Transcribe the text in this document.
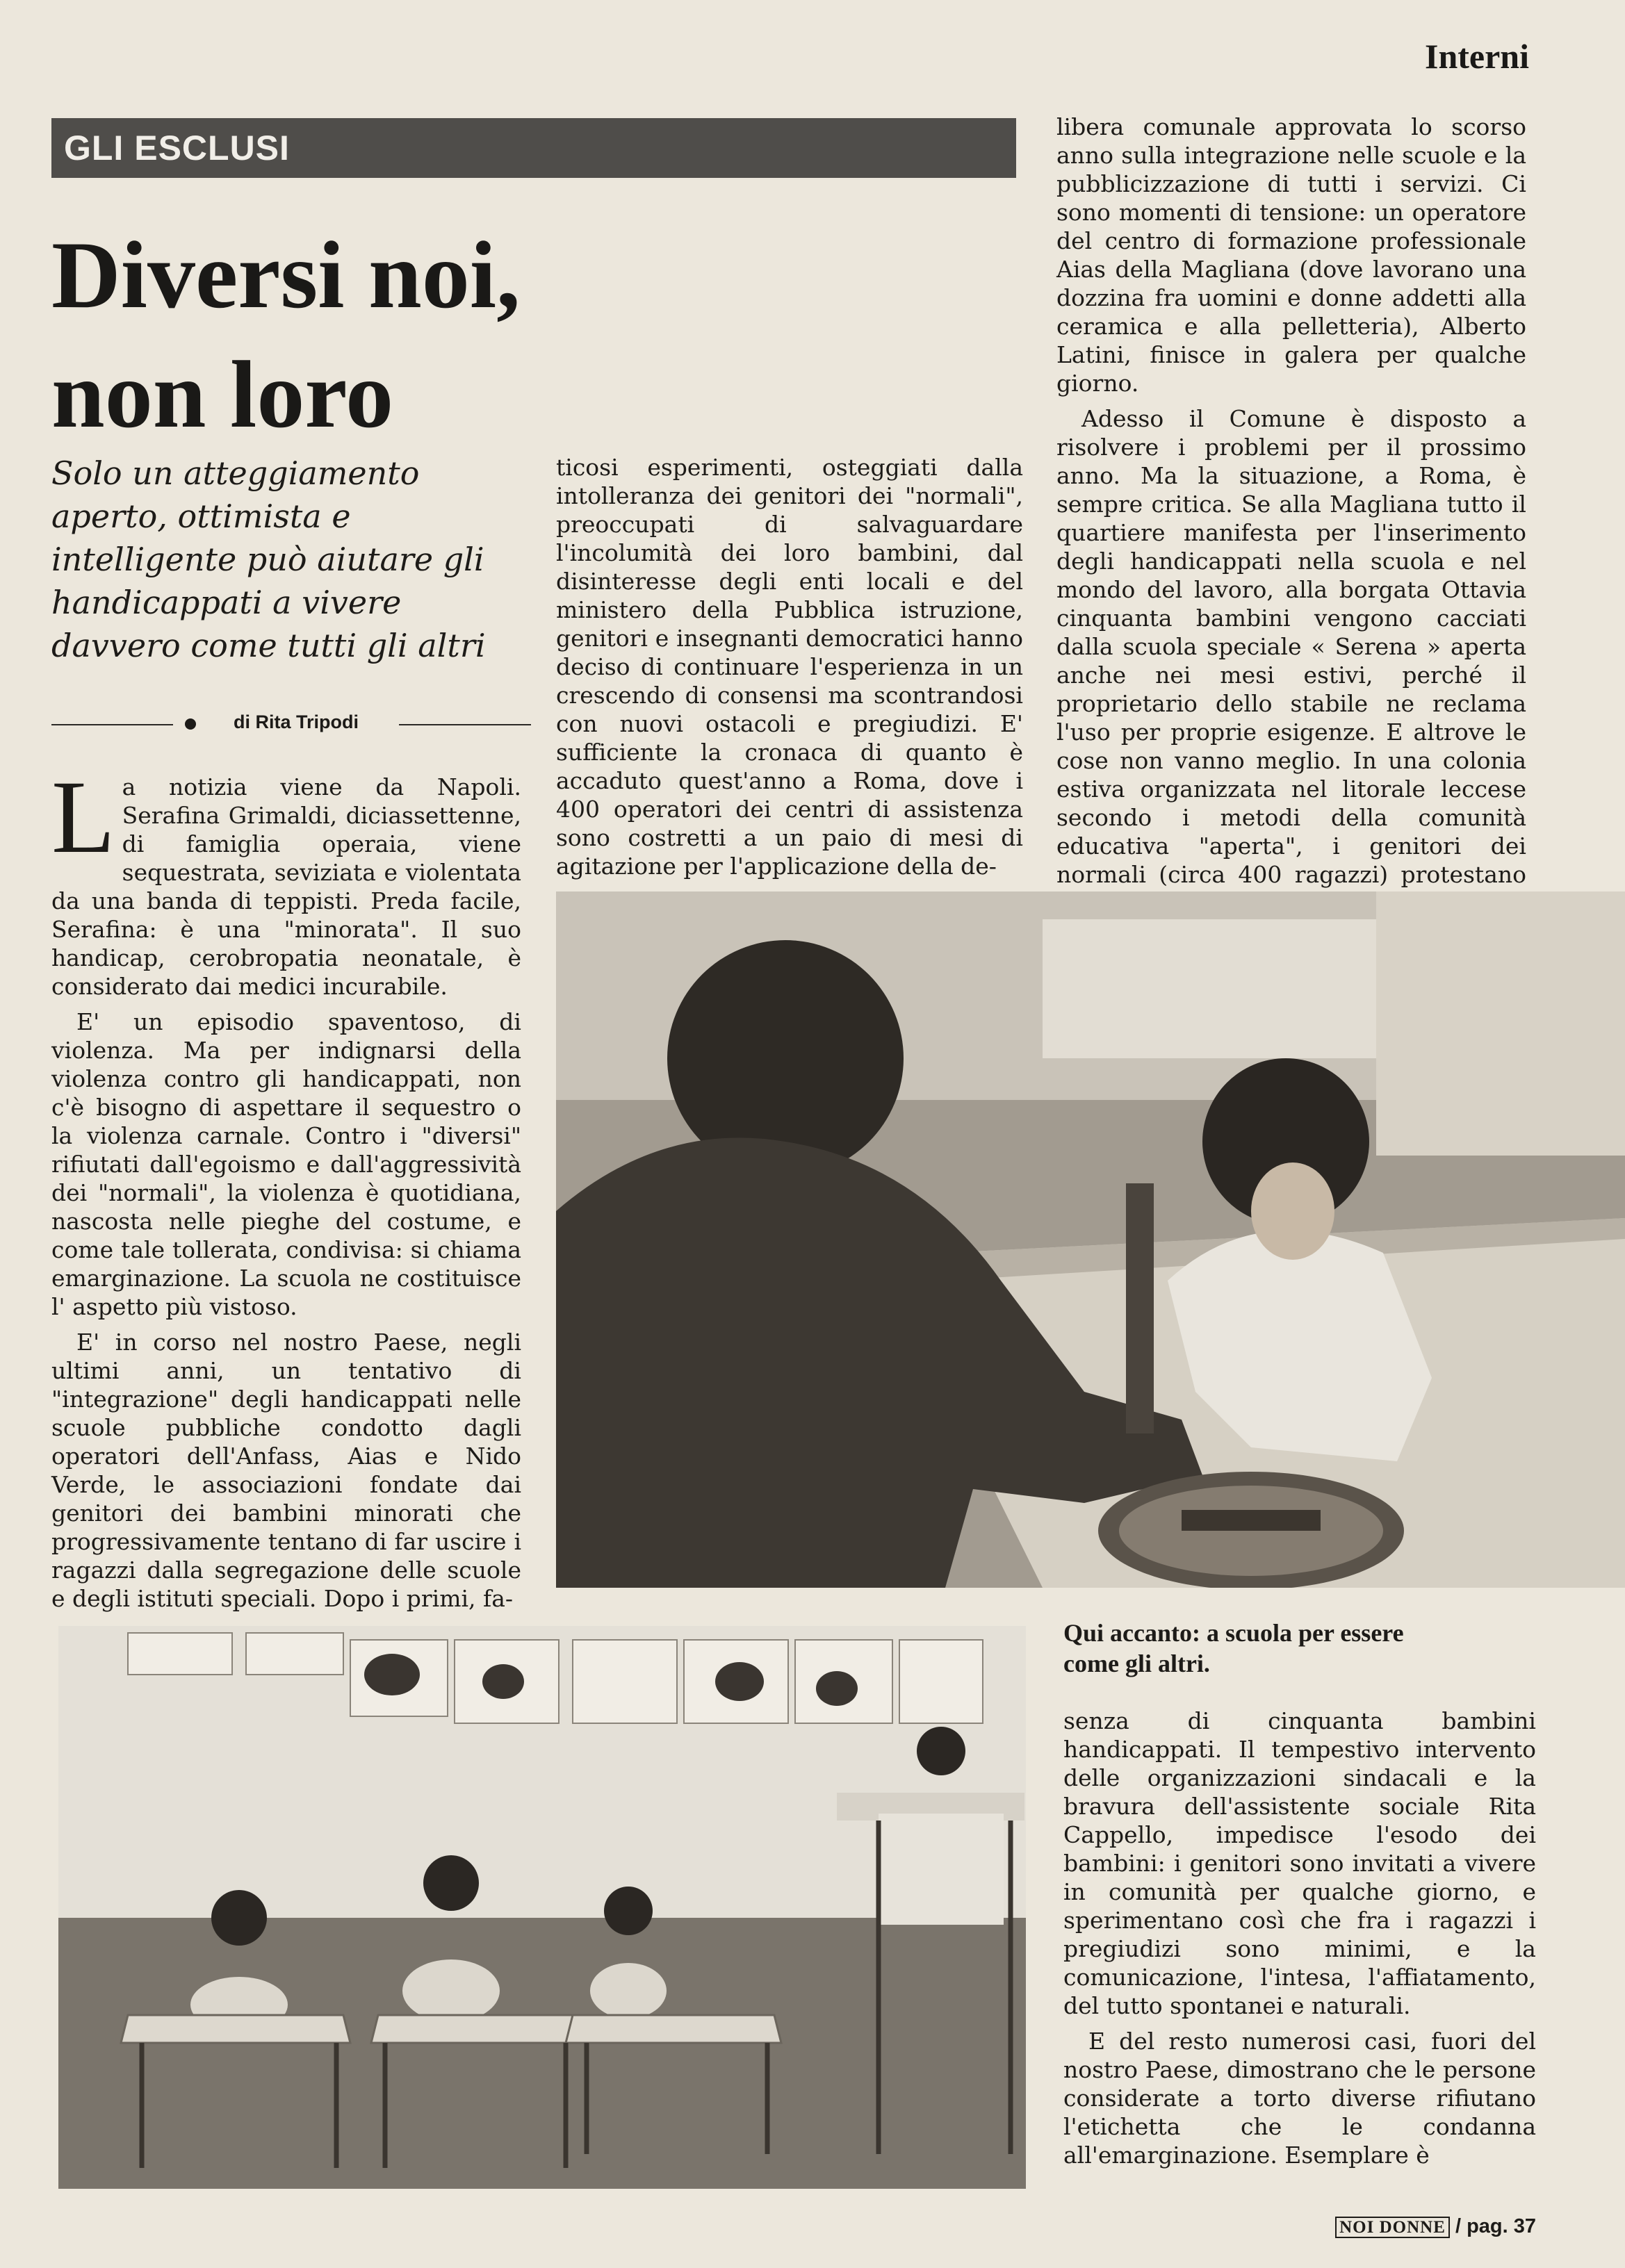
Interni
GLI ESCLUSI
Diversi noi,
non loro
Solo un atteggiamento aperto, ottimista e intelligente può aiutare gli handicappati a vivere davvero come tutti gli altri
di Rita Tripodi

La notizia viene da Napoli. Serafina Grimaldi, diciassettenne, di famiglia operaia, viene sequestrata, seviziata e violentata da una banda di teppisti. Preda facile, Serafina: è una "minorata". Il suo handicap, cerobropatia neonatale, è considerato dai medici incurabile.

E' un episodio spaventoso, di violenza. Ma per indignarsi della violenza contro gli handicappati, non c'è bisogno di aspettare il sequestro o la violenza carnale. Contro i "diversi" rifiutati dall'egoismo e dall'aggressività dei "normali", la violenza è quotidiana, nascosta nelle pieghe del costume, e come tale tollerata, condivisa: si chiama emarginazione. La scuola ne costituisce l' aspetto più vistoso.

E' in corso nel nostro Paese, negli ultimi anni, un tentativo di "integrazione" degli handicappati nelle scuole pubbliche condotto dagli operatori dell'Anfass, Aias e Nido Verde, le associazioni fondate dai genitori dei bambini minorati che progressivamente tentano di far uscire i ragazzi dalla segregazione delle scuole e degli istituti speciali. Dopo i primi, fa-

ticosi esperimenti, osteggiati dalla intolleranza dei genitori dei "normali", preoccupati di salvaguardare l'incolumità dei loro bambini, dal disinteresse degli enti locali e del ministero della Pubblica istruzione, genitori e insegnanti democratici hanno deciso di continuare l'esperienza in un crescendo di consensi ma scontrandosi con nuovi ostacoli e pregiudizi. E' sufficiente la cronaca di quanto è accaduto quest'anno a Roma, dove i 400 operatori dei centri di assistenza sono costretti a un paio di mesi di agitazione per l'applicazione della de-

libera comunale approvata lo scorso anno sulla integrazione nelle scuole e la pubblicizzazione di tutti i servizi. Ci sono momenti di tensione: un operatore del centro di formazione professionale Aias della Magliana (dove lavorano una dozzina fra uomini e donne addetti alla ceramica e alla pelletteria), Alberto Latini, finisce in galera per qualche giorno.

Adesso il Comune è disposto a risolvere i problemi per il prossimo anno. Ma la situazione, a Roma, è sempre critica. Se alla Magliana tutto il quartiere manifesta per l'inserimento degli handicappati nella scuola e nel mondo del lavoro, alla borgata Ottavia cinquanta bambini vengono cacciati dalla scuola speciale « Serena » aperta anche nei mesi estivi, perché il proprietario dello stabile ne reclama l'uso per proprie esigenze. E altrove le cose non vanno meglio. In una colonia estiva organizzata nel litorale leccese secondo i metodi della comunità educativa "aperta", i genitori dei normali (circa 400 ragazzi) protestano

Qui accanto: a scuola per essere come gli altri.

senza di cinquanta bambini handicappati. Il tempestivo intervento delle organizzazioni sindacali e la bravura dell'assistente sociale Rita Cappello, impedisce l'esodo dei bambini: i genitori sono invitati a vivere in comunità per qualche giorno, e sperimentano così che fra i ragazzi i pregiudizi sono minimi, e la comunicazione, l'intesa, l'affiatamento, del tutto spontanei e naturali.

E del resto numerosi casi, fuori del nostro Paese, dimostrano che le persone considerate a torto diverse rifiutano l'etichetta che le condanna all'emarginazione. Esemplare è

NOI DONNE / pag. 37
